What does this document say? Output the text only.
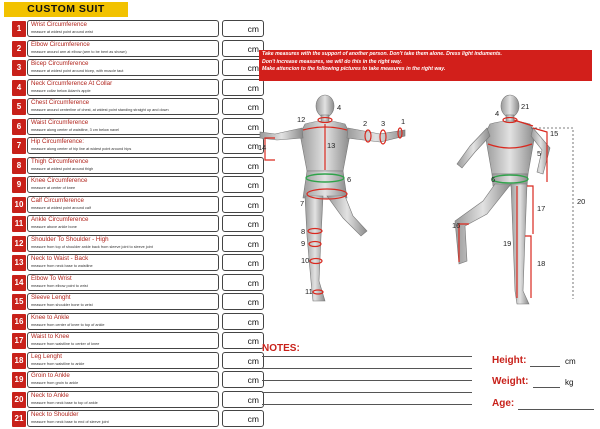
CUSTOM SUIT
1	Wrist Circumference
measure at widest point around wrist	cm
2	Elbow Circumference
measure around arm at elbow (arm to be bent as shown)	cm
3	Bicep Circumference
measure at widest point around bicep, with muscle taut	cm
4	Neck Circumference At Collar
measure collar below Adam's apple	cm
5	Chest Circumference
measure around centerline of chest, at widest point standing straight up and down	cm
6	Waist Circumference
measure along center of waistline, 3 cm below navel	cm
7	Hip Circumference:
measure along center of hip line at widest point around hips	cm
8	Thigh Circumference
measure at widest point around thigh	cm
9	Knee Circumference
measure at center of knee	cm
10	Calf Circumference
measure at widest point around calf	cm
11	Ankle Circumference
measure above ankle bone	cm
12	Shoulder To Shoulder - High
measure from top of shoulder ankle back from sleeve joint to sleeve joint	cm
13	Neck to Waist - Back
measure from neck base to waistline	cm
14	Elbow To Wrist
measure from elbow point to wrist	cm
15	Sleeve Lenght
measure from shoulder bone to wrist	cm
16	Knee to Ankle
measure from center of knee to top of ankle	cm
17	Waist to Knee
measure from waistline to center of knee	cm
18	Leg Lenght
measure from waistline to ankle	cm
19	Groin to Ankle
measure from groin to ankle	cm
20	Neck to Ankle
measure from neck base to top of ankle	cm
21	Neck to Shoulder
measure from neck base to end of sleeve joint	cm
Take measures with the support of another person. Don't take them alone. Dress light induments.
Don't increase measures, we will do this in the right way.
Make attencion to the following pictures to take measures in the right way.
4
12
13
2 3 1
14
6
7
8
9
10
11
4
21
15
5
6
16
17
18
19
20
NOTES:
Height:	cm
Weight:	kg
Age:
